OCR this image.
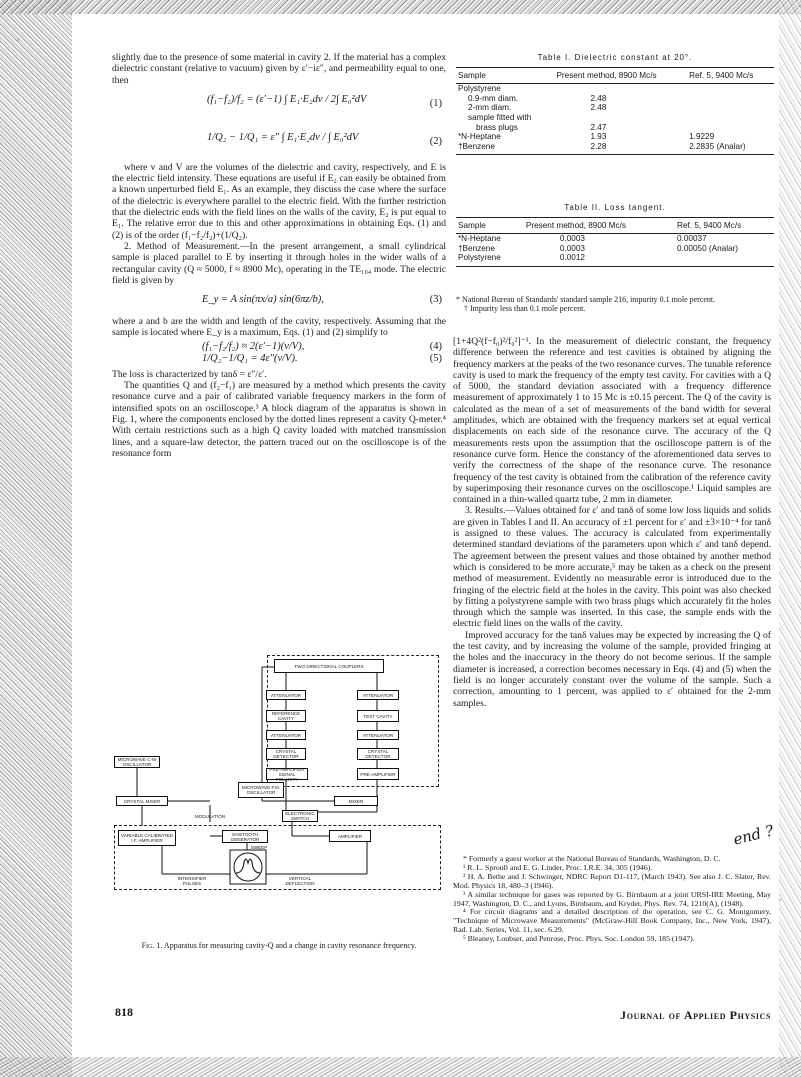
slightly due to the presence of some material in cavity 2. If the material has a complex dielectric constant (relative to vacuum) given by ε′−iε″, and permeability equal to one, then

(f₁−f₂)/f₂ = (ε′−1) ∫ E₁·E₂dv / 2∫ E₀²dV	(1)
1/Q₂ − 1/Q₁ = ε″ ∫ E₁·E₂dv / ∫ E₀²dV	(2)

where v and V are the volumes of the dielectric and cavity, respectively, and E is the electric field intensity. These equations are useful if E₂ can easily be obtained from a known unperturbed field E₁. As an example, they discuss the case where the surface of the dielectric is everywhere parallel to the electric field. With the further restriction that the dielectric ends with the field lines on the walls of the cavity, E₂ is put equal to E₁. The relative error due to this and other approximations in obtaining Eqs. (1) and (2) is of the order (f₁−f₂/f₂)+(1/Q₂).

2. Method of Measurement.—In the present arrangement, a small cylindrical sample is placed parallel to E by inserting it through holes in the wider walls of a rectangular cavity (Q ≈ 5000, f ≈ 8900 Mc), operating in the TE₁₀₄ mode. The electric field is given by

E_y = A sin(πx/a) sin(6πz/b),	(3)

where a and b are the width and length of the cavity, respectively. Assuming that the sample is located where E_y is a maximum, Eqs. (1) and (2) simplify to

(f₁−f₂/f₂) ≈ 2(ε′−1)(v/V),	(4)
1/Q₂−1/Q₁ = 4ε″(v/V).	(5)

The loss is characterized by tanδ = ε″/ε′.

The quantities Q and (f₂−f₁) are measured by a method which presents the cavity resonance curve and a pair of calibrated variable frequency markers in the form of intensified spots on an oscilloscope.³ A block diagram of the apparatus is shown in Fig. 1, where the components enclosed by the dotted lines represent a cavity Q-meter.⁴ With certain restrictions such as a high Q cavity loaded with matched transmission lines, and a square-law detector, the pattern traced out on the oscilloscope is of the resonance form

Table I. Dielectric constant at 20°.
Sample	Present method, 8900 Mc/s	Ref. 5, 9400 Mc/s
Polystyrene		
0.9-mm diam.	2.48	
2-mm diam.	2.48	
sample fitted with		
brass plugs	2.47	
*N-Heptane	1.93	1.9229
†Benzene	2.28	2.2835 (Analar)
Table II. Loss tangent.
Sample	Present method, 8900 Mc/s	Ref. 5, 9400 Mc/s
*N-Heptane	0.0003	0.00037
†Benzene	0.0003	0.00050 (Analar)
Polystyrene	0.0012	
* National Bureau of Standards' standard sample 216, impurity 0.1 mole percent.
† Impurity less than 0.1 mole percent.

[1+4Q²(f−f₀)²/f₀²]⁻¹. In the measurement of dielectric constant, the frequency difference between the reference and test cavities is obtained by aligning the frequency markers at the peaks of the two resonance curves. The tunable reference cavity is used to mark the frequency of the empty test cavity. For cavities with a Q of 5000, the standard deviation associated with a frequency difference measurement of approximately 1 to 15 Mc is ±0.15 percent. The Q of the cavity is calculated as the mean of a set of measurements of the band width for several amplitudes, which are obtained with the frequency markers set at equal vertical displacements on each side of the resonance curve. The accuracy of the Q measurements rests upon the assumption that the oscilloscope pattern is of the resonance curve form. Hence the constancy of the aforementioned data serves to verify the correctness of the shape of the resonance curve. The resonance frequency of the test cavity is obtained from the calibration of the reference cavity by superimposing their resonance curves on the oscilloscope.¹ Liquid samples are contained in a thin-walled quartz tube, 2 mm in diameter.

3. Results.—Values obtained for ε′ and tanδ of some low loss liquids and solids are given in Tables I and II. An accuracy of ±1 percent for ε′ and ±3×10⁻⁴ for tanδ is assigned to these values. The accuracy is calculated from experimentally determined standard deviations of the parameters upon which ε′ and tanδ depend. The agreement between the present values and those obtained by another method which is considered to be more accurate,⁵ may be taken as a check on the present method of measurement. Evidently no measurable error is introduced due to the fringing of the electric field at the holes in the cavity. This point was also checked by fitting a polystyrene sample with two brass plugs which accurately fit the holes through which the sample was inserted. In this case, the sample ends with the electric field lines on the walls of the cavity.

Improved accuracy for the tanδ values may be expected by increasing the Q of the test cavity, and by increasing the volume of the sample, provided fringing at the holes and the inaccuracy in the theory do not become serious. If the sample diameter is increased, a correction becomes necessary in Eqs. (4) and (5) when the field is no longer accurately constant over the volume of the sample. Such a correction, amounting to 1 percent, was applied to ε′ obtained for the 2-mm samples.

TWO DIRECTIONAL COUPLERS
ATTENUATOR	ATTENUATOR
REFERENCE CAVITY	TEST CAVITY
ATTENUATOR	ATTENUATOR
CRYSTAL DETECTOR
CRYSTAL DETECTOR
PRE-AMPLIFIER SIGNAL POLARITY
PRE-AMPLIFIER
MICROWAVE C-W OSCILLATOR
MICROWAVE F.M. OSCILLATOR
CRYSTAL MIXER	MIXER
ELECTRONIC SWITCH
VARIABLE CALIBRATED I.F. AMPLIFIER
SAWTOOTH GENERATOR
AMPLIFIER
MODULATION
SWEEP
INTENSIFIER PULSES
VERTICAL DEFLECTION
Fig. 1. Apparatus for measuring cavity-Q and a change in cavity resonance frequency.

* Formerly a guest worker at the National Bureau of Standards, Washington, D. C.

¹ R. L. Sproull and E. G. Linder, Proc. I.R.E. 34, 305 (1946).

² H. A. Bethe and J. Schwinger, NDRC Report D1-117, (March 1943). See also J. C. Slater, Rev. Mod. Physics 18, 480–3 (1946).

³ A similar technique for gases was reported by G. Birnbaum at a joint URSI-IRE Meeting, May 1947, Washington, D. C., and Lyons, Birnbaum, and Kryder, Phys. Rev. 74, 1210(A), (1948).

⁴ For circuit diagrams and a detailed description of the operation, see C. G. Montgomery, "Technique of Microwave Measurements" (McGraw-Hill Book Company, Inc., New York, 1947), Rad. Lab. Series, Vol. 11, sec. 6.29.

⁵ Bleaney, Loubser, and Penrose, Proc. Phys. Soc. London 59, 185 (1947).

end ?
818	Journal of Applied Physics
